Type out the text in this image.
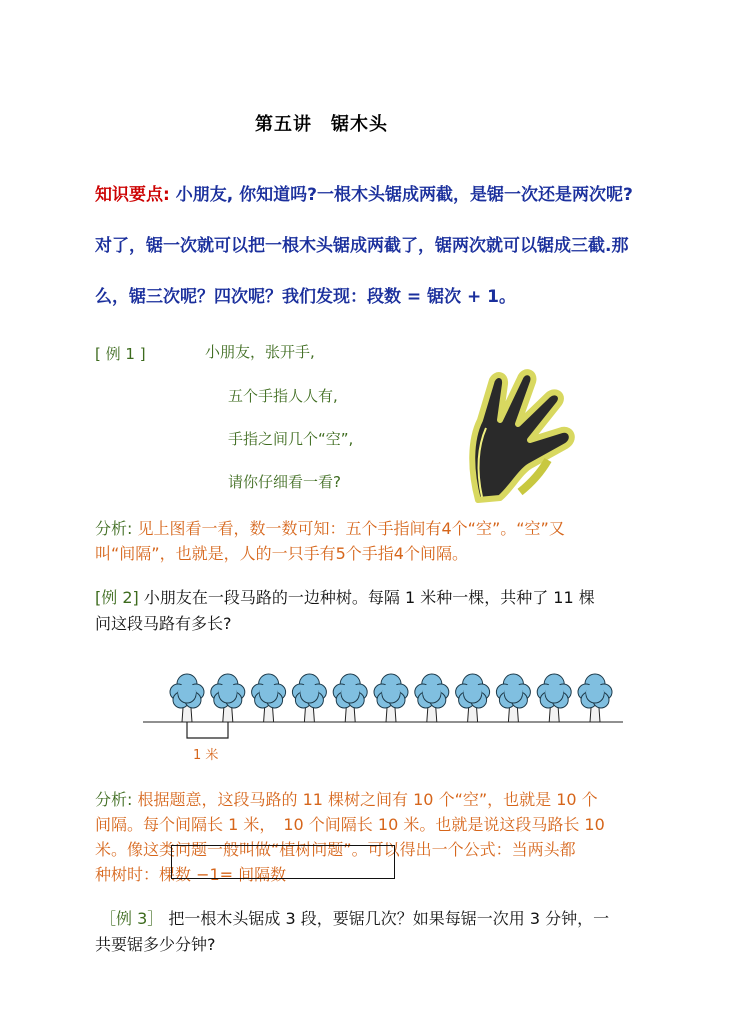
第五讲　锯木头
知识要点: 小朋友, 你知道吗?一根木头锯成两截，是锯一次还是两次呢?
对了，锯一次就可以把一根木头锯成两截了，锯两次就可以锯成三截.那
么，锯三次呢？四次呢？我们发现：段数 = 锯次 + 1。
[ 例 1 ]	小朋友，张开手,
五个手指人人有,
手指之间几个“空”,
请你仔细看一看?
分析: 见上图看一看，数一数可知：五个手指间有4个“空”。“空”又
叫“间隔”，也就是，人的一只手有5个手指4个间隔。
[例 2] 小朋友在一段马路的一边种树。每隔 1 米种一棵，共种了 11 棵
问这段马路有多长?
1 米
分析: 根据题意，这段马路的 11 棵树之间有 10 个“空”，也就是 10 个
间隔。每个间隔长 1 米，　10 个间隔长 10 米。也就是说这段马路长 10
米。像这类问题一般叫做“植树问题”。可以得出一个公式：当两头都
种树时：棵数 −1= 间隔数
［例 3］ 把一根木头锯成 3 段，要锯几次？如果每锯一次用 3 分钟，一
共要锯多少分钟?
